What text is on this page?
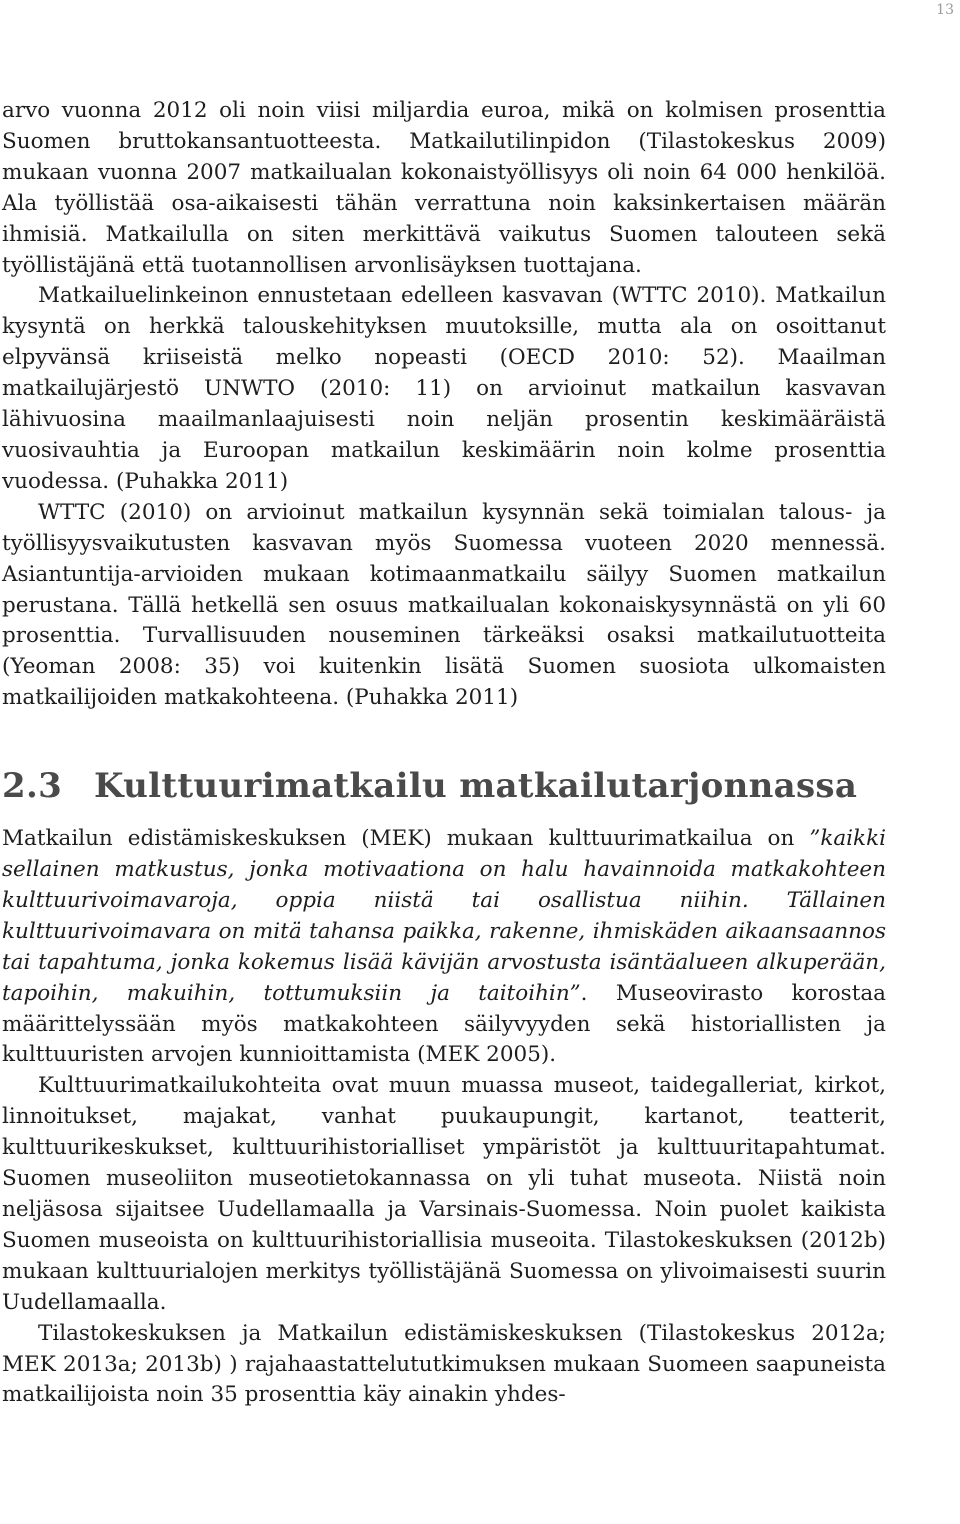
13

arvo vuonna 2012 oli noin viisi miljardia euroa, mikä on kolmisen prosenttia Suomen bruttokansantuotteesta. Matkailutilinpidon (Tilastokeskus 2009) mukaan vuonna 2007 matkailualan kokonaistyöllisyys oli noin 64 000 henkilöä. Ala työllistää osa-aikaisesti tähän verrattuna noin kaksinkertaisen määrän ihmisiä. Matkailulla on siten merkittävä vaikutus Suomen talouteen sekä työllistäjänä että tuotannollisen arvonlisäyksen tuottajana.

Matkailuelinkeinon ennustetaan edelleen kasvavan (WTTC 2010). Matkailun kysyntä on herkkä talouskehityksen muutoksille, mutta ala on osoittanut elpyvänsä kriiseistä melko nopeasti (OECD 2010: 52). Maailman matkailujärjestö UNWTO (2010: 11) on arvioinut matkailun kasvavan lähivuosina maailmanlaajuisesti noin neljän prosentin keskimääräistä vuosivauhtia ja Euroopan matkailun keskimäärin noin kolme prosenttia vuodessa. (Puhakka 2011)

WTTC (2010) on arvioinut matkailun kysynnän sekä toimialan talous- ja työllisyysvaikutusten kasvavan myös Suomessa vuoteen 2020 mennessä. Asiantuntija-arvioiden mukaan kotimaanmatkailu säilyy Suomen matkailun perustana. Tällä hetkellä sen osuus matkailualan kokonaiskysynnästä on yli 60 prosenttia. Turvallisuuden nouseminen tärkeäksi osaksi matkailutuotteita (Yeoman 2008: 35) voi kuitenkin lisätä Suomen suosiota ulkomaisten matkailijoiden matkakohteena. (Puhakka 2011)

2.3 Kulttuurimatkailu matkailutarjonnassa

Matkailun edistämiskeskuksen (MEK) mukaan kulttuurimatkailua on ”kaikki sellainen matkustus, jonka motivaationa on halu havainnoida matkakohteen kulttuurivoimavaroja, oppia niistä tai osallistua niihin. Tällainen kulttuurivoimavara on mitä tahansa paikka, rakenne, ihmiskäden aikaansaannos tai tapahtuma, jonka kokemus lisää kävijän arvostusta isäntäalueen alkuperään, tapoihin, makuihin, tottumuksiin ja taitoihin”. Museovirasto korostaa määrittelyssään myös matkakohteen säilyvyyden sekä historiallisten ja kulttuuristen arvojen kunnioittamista (MEK 2005).

Kulttuurimatkailukohteita ovat muun muassa museot, taidegalleriat, kirkot, linnoitukset, majakat, vanhat puukaupungit, kartanot, teatterit, kulttuurikeskukset, kulttuurihistorialliset ympäristöt ja kulttuuritapahtumat. Suomen museoliiton museotietokannassa on yli tuhat museota. Niistä noin neljäsosa sijaitsee Uudellamaalla ja Varsinais-Suomessa. Noin puolet kaikista Suomen museoista on kulttuurihistoriallisia museoita. Tilastokeskuksen (2012b) mukaan kulttuurialojen merkitys työllistäjänä Suomessa on ylivoimaisesti suurin Uudellamaalla.

Tilastokeskuksen ja Matkailun edistämiskeskuksen (Tilastokeskus 2012a; MEK 2013a; 2013b) ) rajahaastattelututkimuksen mukaan Suomeen saapuneista matkailijoista noin 35 prosenttia käy ainakin yhdes-
